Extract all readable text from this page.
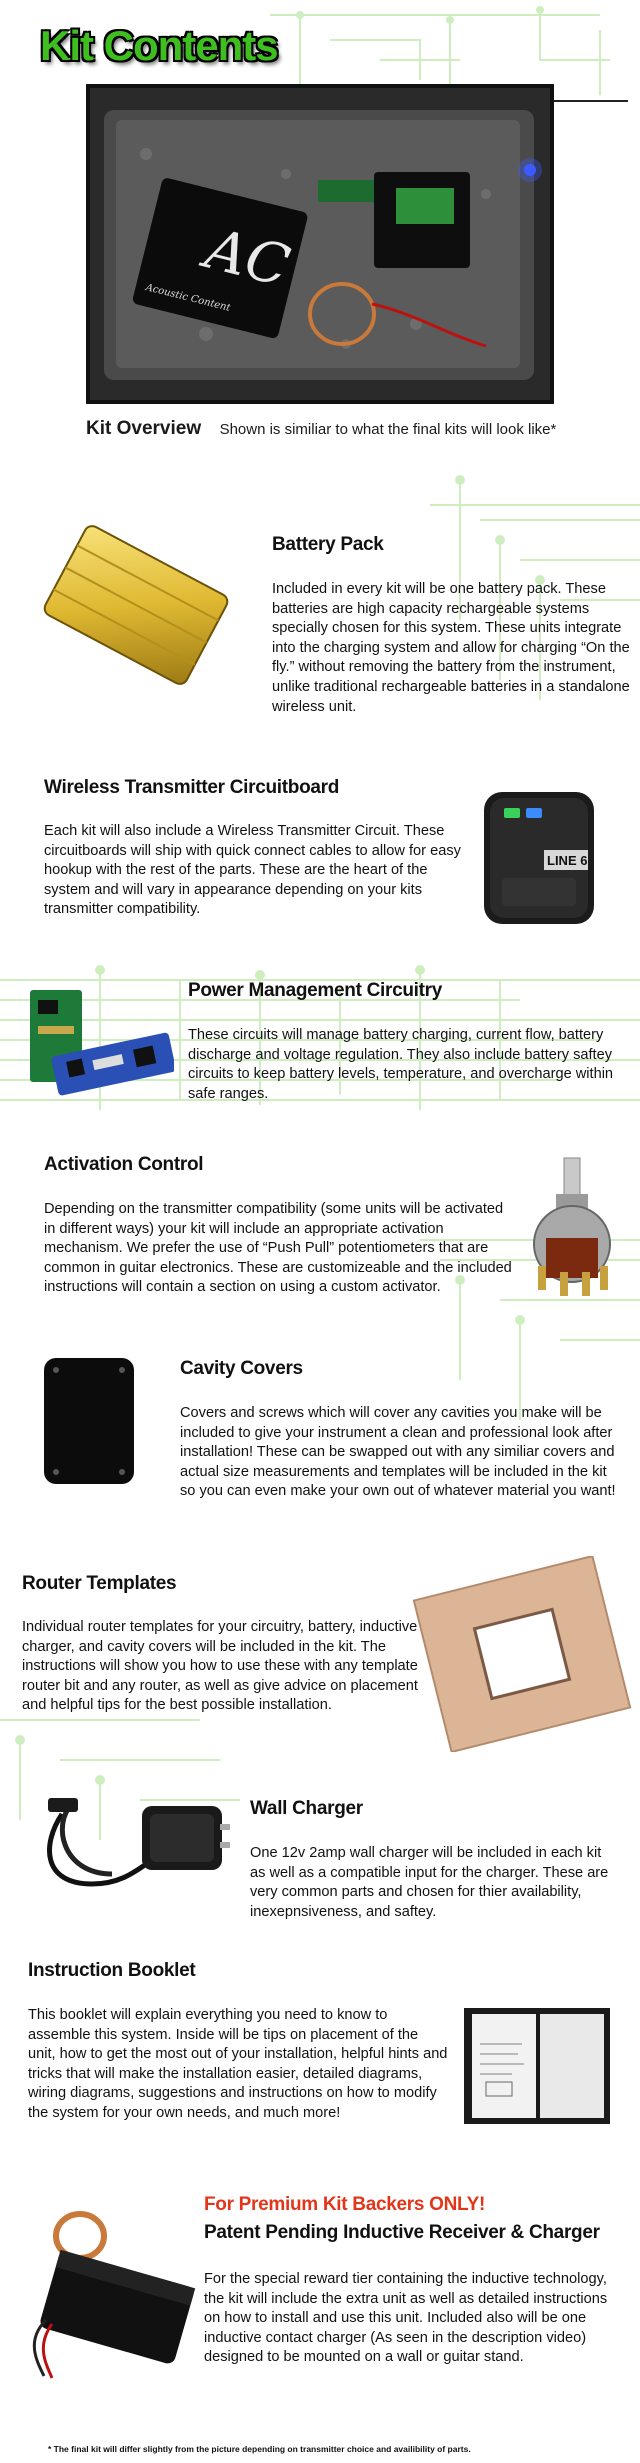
Kit Contents
AC
Acoustic Content
Kit Overview Shown is similiar to what the final kits will look like*
Battery Pack

Included in every kit will be one battery pack. These batteries are high capacity rechargeable systems specially chosen for this system. These units integrate into the charging system and allow for charging “On the fly.” without removing the battery from the instrument, unlike traditional rechargeable batteries in a standalone wireless unit.

Wireless Transmitter Circuitboard

Each kit will also include a Wireless Transmitter Circuit. These circuitboards will ship with quick connect cables to allow for easy hookup with the rest of the parts. These are the heart of the system and will vary in appearance depending on your kits transmitter compatibility.

LINE 6
Power Management Circuitry

These circuits will manage battery charging, current flow, battery discharge and voltage regulation. They also include battery saftey circuits to keep battery levels, temperature, and overcharge within safe ranges.

Activation Control

Depending on the transmitter compatibility (some units will be activated in different ways) your kit will include an appropriate activation mechanism. We prefer the use of “Push Pull” potentiometers that are common in guitar electronics. These are customizeable and the included instructions will contain a section on using a custom activator.

Cavity Covers

Covers and screws which will cover any cavities you make will be included to give your instrument a clean and professional look after installation! These can be swapped out with any similiar covers and actual size measurements and templates will be included in the kit so you can even make your own out of whatever material you want!

Router Templates

Individual router templates for your circuitry, battery, inductive charger, and cavity covers will be included in the kit. The instructions will show you how to use these with any template router bit and any router, as well as give advice on placement and helpful tips for the best possible installation.

Wall Charger

One 12v 2amp wall charger will be included in each kit as well as a compatible input for the charger. These are very common parts and chosen for thier availability, inexepnsiveness, and saftey.

Instruction Booklet

This booklet will explain everything you need to know to assemble this system. Inside will be tips on placement of the unit, how to get the most out of your installation, helpful hints and tricks that will make the installation easier, detailed diagrams, wiring diagrams, suggestions and instructions on how to modify the system for your own needs, and much more!

For Premium Kit Backers ONLY!
Patent Pending Inductive Receiver & Charger

For the special reward tier containing the inductive technology, the kit will include the extra unit as well as detailed instructions on how to install and use this unit. Included also will be one inductive contact charger (As seen in the description video) designed to be mounted on a wall or guitar stand.

* The final kit will differ slightly from the picture depending on transmitter choice and availibility of parts.
